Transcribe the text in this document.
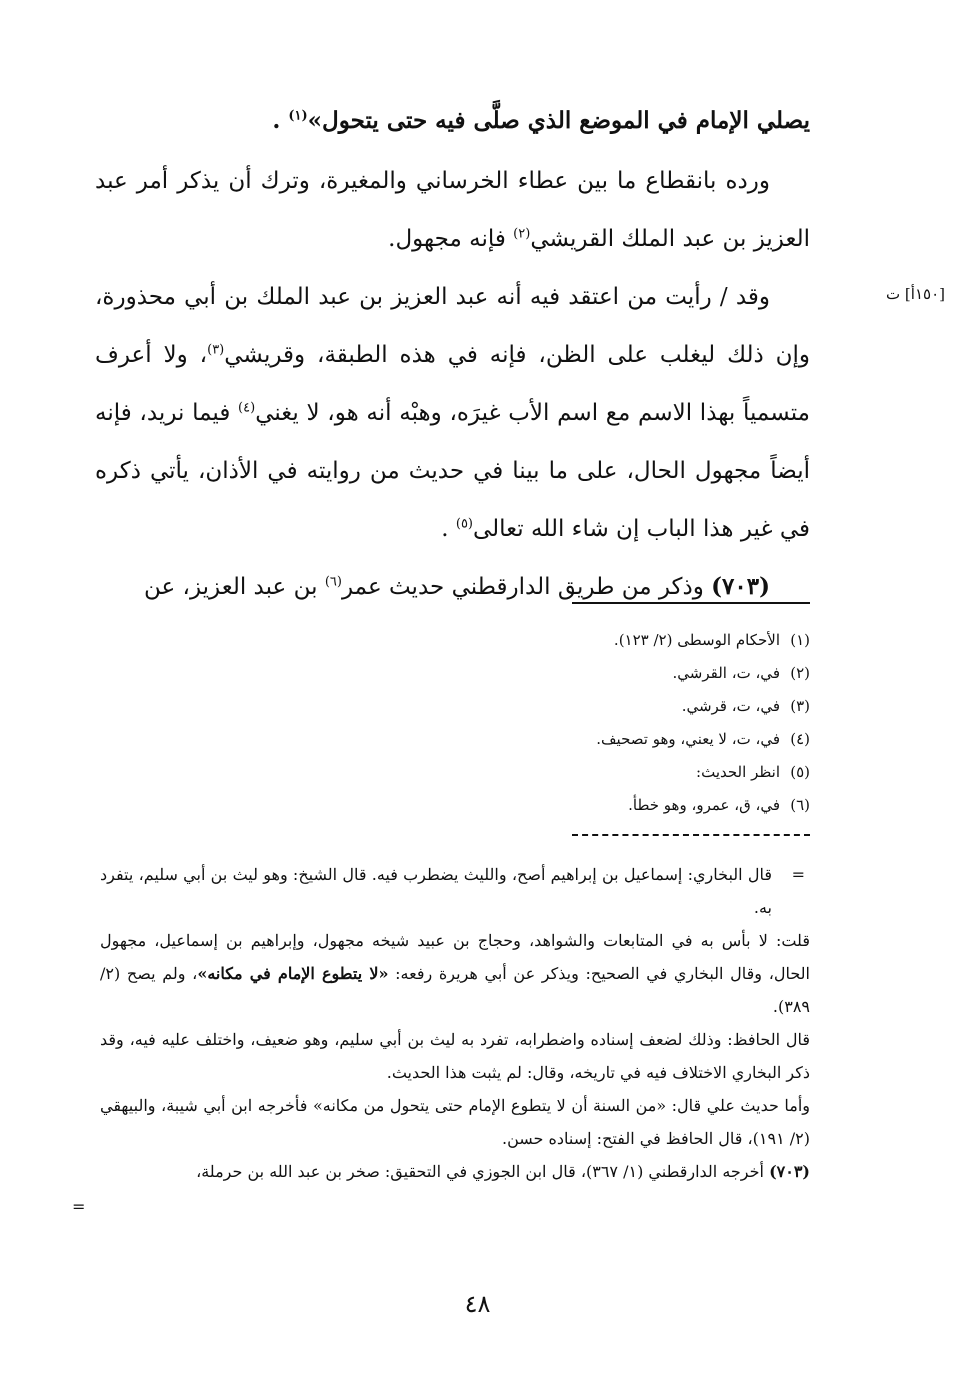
يصلي الإمام في الموضع الذي صلَّى فيه حتى يتحول»$^{(١)}$ .

ورده بانقطاع ما بين عطاء الخرساني والمغيرة، وترك أن يذكر أمر عبد العزيز بن عبد الملك القريشي$^{(٢)}$ فإنه مجهول.

وقد / رأيت من اعتقد فيه أنه عبد العزيز بن عبد الملك بن أبي محذورة، وإن ذلك ليغلب على الظن، فإنه في هذه الطبقة، وقريشي$^{(٣)}$، ولا أعرف متسمياً بهذا الاسم مع اسم الأب غيرَه، وهبْه أنه هو، لا يغني$^{(٤)}$ فيما نريد، فإنه أيضاً مجهول الحال، على ما بينا في حديث من روايته في الأذان، يأتي ذكره في غير هذا الباب إن شاء الله تعالى$^{(٥)}$ .

(٧٠٣) وذكر من طريق الدارقطني حديث عمر$^{(٦)}$ بن عبد العزيز، عن

[١٥٠أ] ت
(١)الأحكام الوسطى (٢/ ١٢٣).
(٢)في، ت، القرشي.
(٣)في، ت، قرشي.
(٤)في، ت، لا يعني، وهو تصحيف.
(٥)انظر الحديث:
(٦)في، ق، عمرو، وهو خطأ.
=

قال البخاري: إسماعيل بن إبراهيم أصح، والليث يضطرب فيه. قال الشيخ: وهو ليث بن أبي سليم، يتفرد به.

قلت: لا بأس به في المتابعات والشواهد، وحجاج بن عبيد شيخه مجهول، وإبراهيم بن إسماعيل، مجهول الحال، وقال البخاري في الصحيح: ويذكر عن أبي هريرة رفعه: «لا يتطوع الإمام في مكانه»، ولم يصح (٢/ ٣٨٩).

قال الحافظ: وذلك لضعف إسناده واضطرابه، تفرد به ليث بن أبي سليم، وهو ضعيف، واختلف عليه فيه، وقد ذكر البخاري الاختلاف فيه في تاريخه، وقال: لم يثبت هذا الحديث.

وأما حديث علي قال: «من السنة أن لا يتطوع الإمام حتى يتحول من مكانه» فأخرجه ابن أبي شيبة، والبيهقي (٢/ ١٩١)، قال الحافظ في الفتح: إسناده حسن.

(٧٠٣) أخرجه الدارقطني (١/ ٣٦٧)، قال ابن الجوزي في التحقيق: صخر بن عبد الله بن حرملة،

=
٤٨
